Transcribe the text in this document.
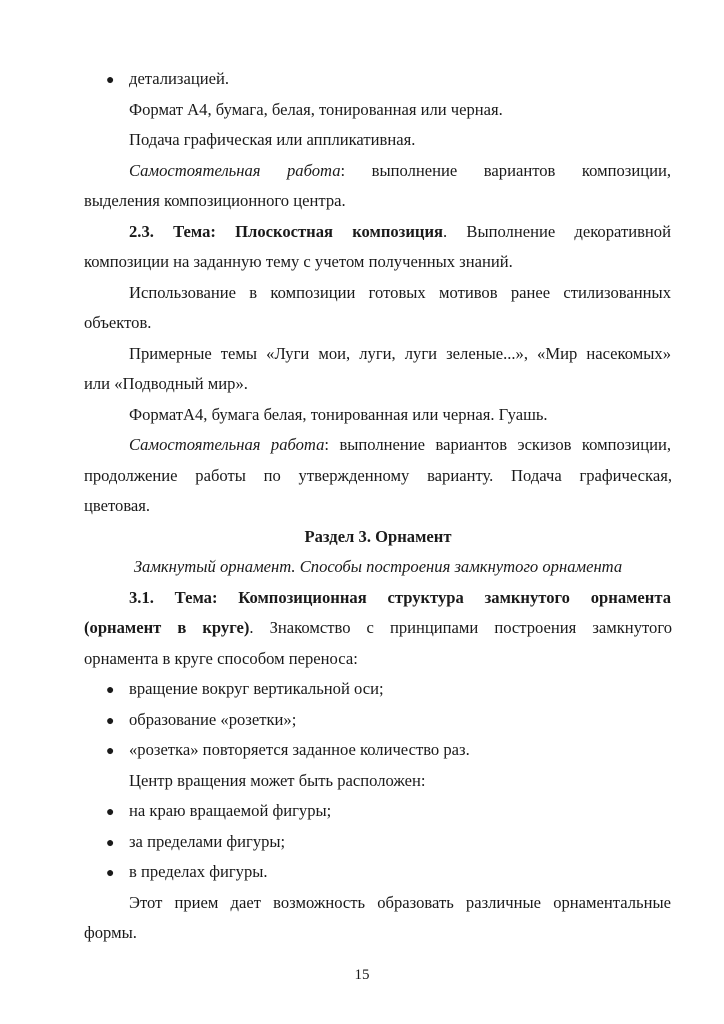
● детализацией.
Формат А4, бумага, белая, тонированная или черная.
Подача графическая или аппликативная.
Самостоятельная работа: выполнение вариантов композиции,
выделения композиционного центра.
2.3. Тема: Плоскостная композиция. Выполнение декоративной
композиции на заданную тему с учетом полученных знаний.
Использование в композиции готовых мотивов ранее стилизованных
объектов.
Примерные темы «Луги мои, луги, луги зеленые...», «Мир насекомых»
или «Подводный мир».
ФорматА4, бумага белая, тонированная или черная. Гуашь.
Самостоятельная работа: выполнение вариантов эскизов композиции,
продолжение работы по утвержденному варианту. Подача графическая,
цветовая.
Раздел 3. Орнамент
Замкнутый орнамент. Способы построения замкнутого орнамента
3.1. Тема: Композиционная структура замкнутого орнамента
(орнамент в круге). Знакомство с принципами построения замкнутого
орнамента в круге способом переноса:
● вращение вокруг вертикальной оси;
● образование «розетки»;
● «розетка» повторяется заданное количество раз.
Центр вращения может быть расположен:
● на краю вращаемой фигуры;
● за пределами фигуры;
● в пределах фигуры.
Этот прием дает возможность образовать различные орнаментальные
формы.
15
